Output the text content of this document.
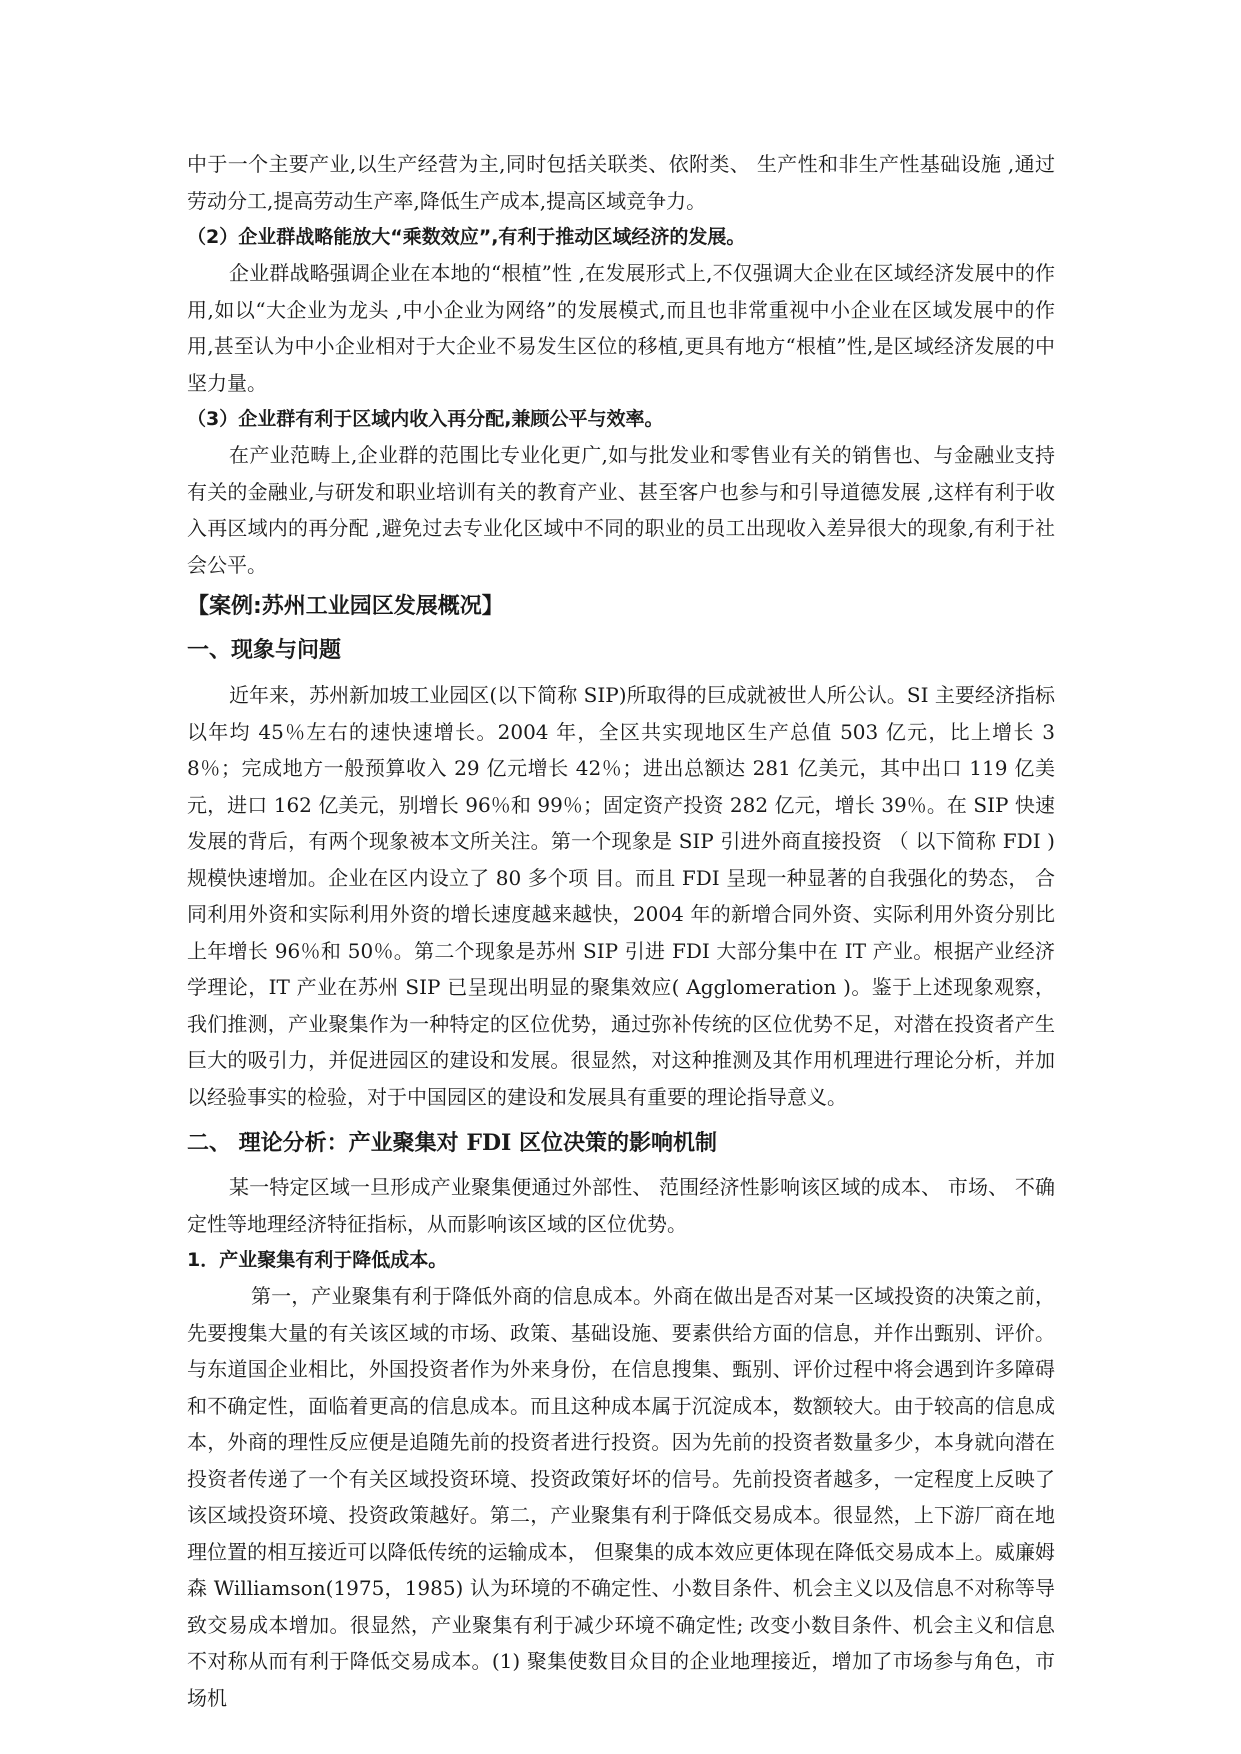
中于一个主要产业,以生产经营为主,同时包括关联类、依附类、 生产性和非生产性基础设施 ,通过劳动分工,提高劳动生产率,降低生产成本,提高区域竞争力。

（2）企业群战略能放大“乘数效应”,有利于推动区域经济的发展。

企业群战略强调企业在本地的“根植”性 ,在发展形式上,不仅强调大企业在区域经济发展中的作用,如以“大企业为龙头 ,中小企业为网络”的发展模式,而且也非常重视中小企业在区域发展中的作用,甚至认为中小企业相对于大企业不易发生区位的移植,更具有地方“根植”性,是区域经济发展的中坚力量。

（3）企业群有利于区域内收入再分配,兼顾公平与效率。

在产业范畴上,企业群的范围比专业化更广,如与批发业和零售业有关的销售也、与金融业支持有关的金融业,与研发和职业培训有关的教育产业、甚至客户也参与和引导道德发展 ,这样有利于收入再区域内的再分配 ,避免过去专业化区域中不同的职业的员工出现收入差异很大的现象,有利于社会公平。

【案例:苏州工业园区发展概况】

一、现象与问题

近年来，苏州新加坡工业园区(以下简称 SIP)所取得的巨成就被世人所公认。SI 主要经济指标以年均 45％左右的速快速增长。2004 年，全区共实现地区生产总值 503 亿元，比上增长 38％；完成地方一般预算收入 29 亿元增长 42％；进出总额达 281 亿美元，其中出口 119 亿美元，进口 162 亿美元，别增长 96％和 99％；固定资产投资 282 亿元，增长 39％。在 SIP 快速发展的背后，有两个现象被本文所关注。第一个现象是 SIP 引进外商直接投资 （ 以下简称 FDI )规模快速增加。企业在区内设立了 80 多个项 目。而且 FDI 呈现一种显著的自我强化的势态， 合同利用外资和实际利用外资的增长速度越来越快，2004 年的新增合同外资、实际利用外资分别比上年增长 96％和 50％。第二个现象是苏州 SIP 引进 FDI 大部分集中在 IT 产业。根据产业经济学理论，IT 产业在苏州 SIP 已呈现出明显的聚集效应( Agglomeration )。鉴于上述现象观察，我们推测，产业聚集作为一种特定的区位优势，通过弥补传统的区位优势不足，对潜在投资者产生巨大的吸引力，并促进园区的建设和发展。很显然，对这种推测及其作用机理进行理论分析，并加以经验事实的检验，对于中国园区的建设和发展具有重要的理论指导意义。

二、 理论分析：产业聚集对 FDI 区位决策的影响机制

某一特定区域一旦形成产业聚集便通过外部性、 范围经济性影响该区域的成本、 市场、 不确定性等地理经济特征指标，从而影响该区域的区位优势。

1．产业聚集有利于降低成本。

第一，产业聚集有利于降低外商的信息成本。外商在做出是否对某一区域投资的决策之前，先要搜集大量的有关该区域的市场、政策、基础设施、要素供给方面的信息，并作出甄别、评价。与东道国企业相比，外国投资者作为外来身份，在信息搜集、甄别、评价过程中将会遇到许多障碍和不确定性，面临着更高的信息成本。而且这种成本属于沉淀成本，数额较大。由于较高的信息成本，外商的理性反应便是追随先前的投资者进行投资。因为先前的投资者数量多少，本身就向潜在投资者传递了一个有关区域投资环境、投资政策好坏的信号。先前投资者越多，一定程度上反映了该区域投资环境、投资政策越好。第二，产业聚集有利于降低交易成本。很显然，上下游厂商在地理位置的相互接近可以降低传统的运输成本， 但聚集的成本效应更体现在降低交易成本上。威廉姆森 Williamson(1975，1985) 认为环境的不确定性、小数目条件、机会主义以及信息不对称等导致交易成本增加。很显然，产业聚集有利于减少环境不确定性; 改变小数目条件、机会主义和信息不对称从而有利于降低交易成本。(1) 聚集使数目众目的企业地理接近，增加了市场参与角色，市场机
